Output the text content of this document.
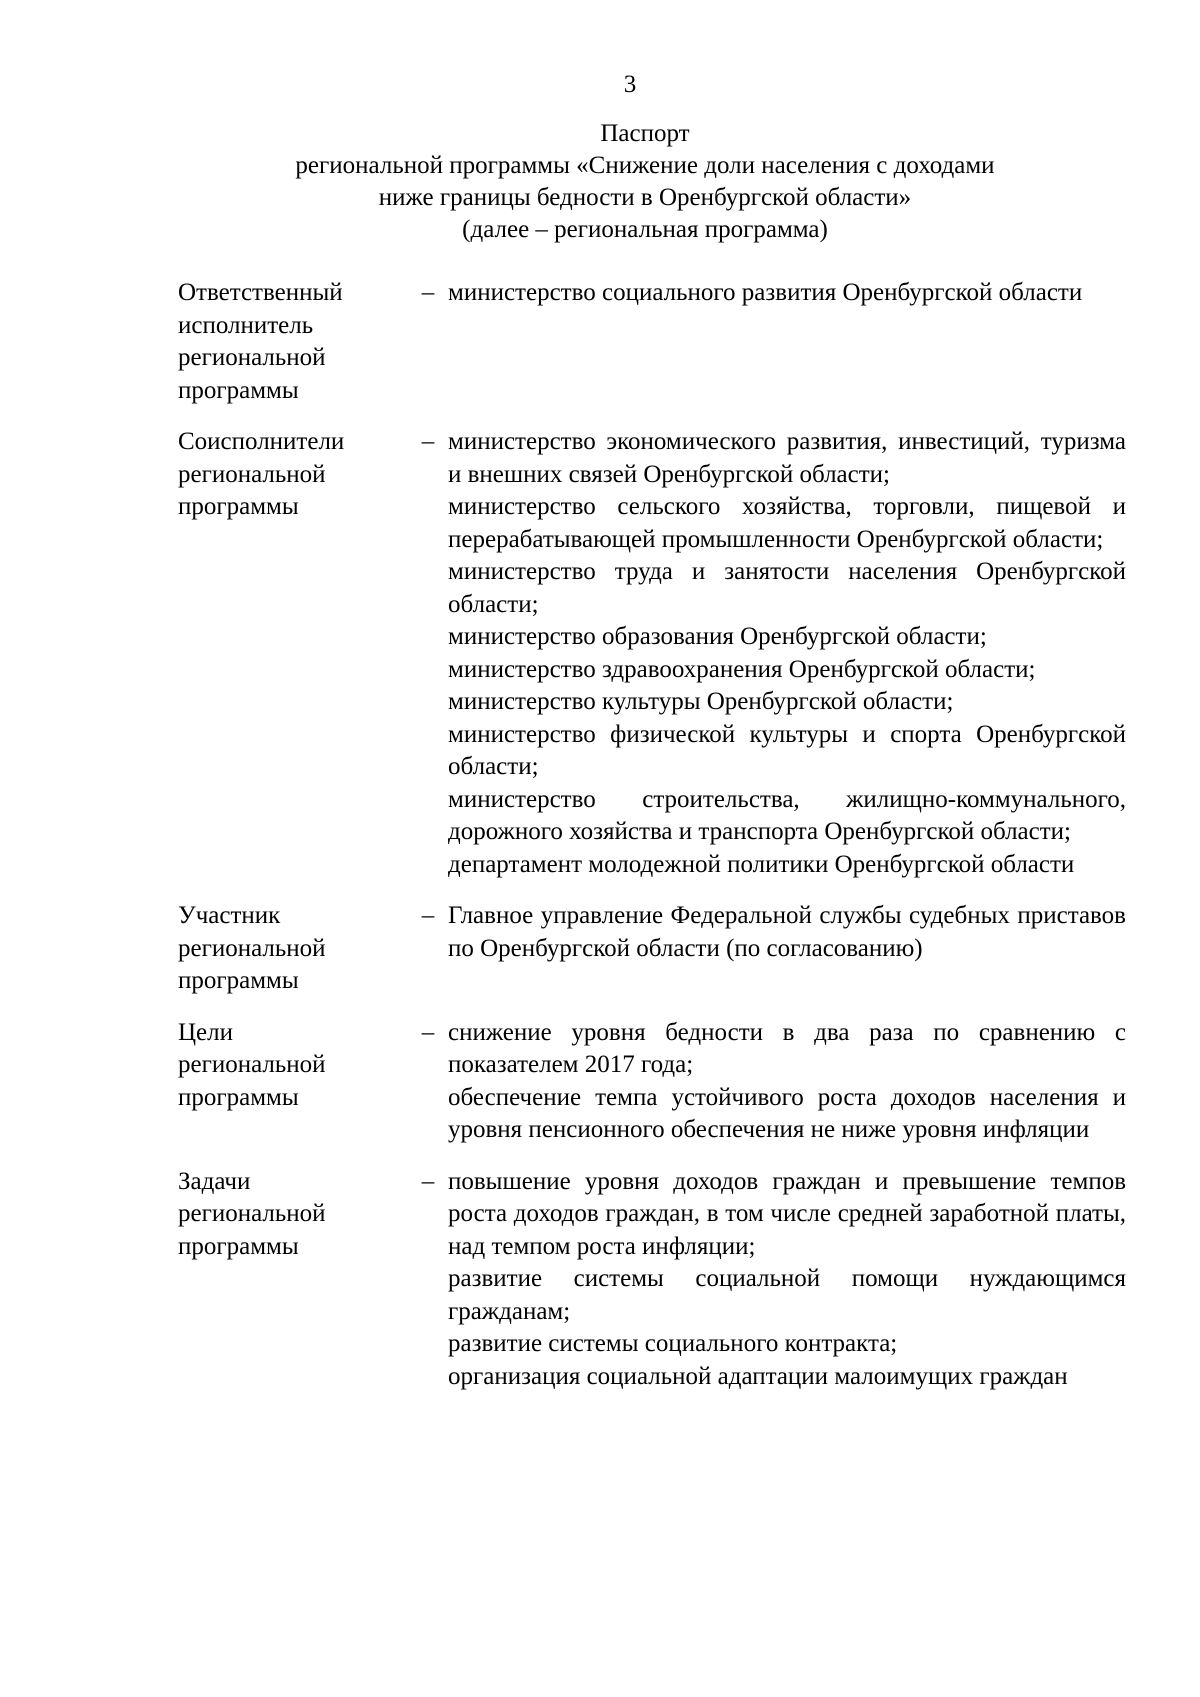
3
Паспорт
региональной программы «Снижение доли населения с доходами
ниже границы бедности в Оренбургской области»
(далее – региональная программа)
Ответственный
исполнитель
региональной
программы
– министерство социального развития Оренбургской области

Соисполнители
региональной
программы
– министерство экономического развития, инвестиций, туризма и внешних связей Оренбургской области;

министерство сельского хозяйства, торговли, пищевой и перерабатывающей промышленности Оренбургской области;

министерство труда и занятости населения Оренбургской области;

министерство образования Оренбургской области;

министерство здравоохранения Оренбургской области;

министерство культуры Оренбургской области;

министерство физической культуры и спорта Оренбургской области;

министерство строительства, жилищно-коммунального, дорожного хозяйства и транспорта Оренбургской области;

департамент молодежной политики Оренбургской области

Участник
региональной
программы
– Главное управление Федеральной службы судебных приставов по Оренбургской области (по согласованию)

Цели
региональной
программы
– снижение уровня бедности в два раза по сравнению с показателем 2017 года;

обеспечение темпа устойчивого роста доходов населения и уровня пенсионного обеспечения не ниже уровня инфляции

Задачи
региональной
программы
– повышение уровня доходов граждан и превышение темпов роста доходов граждан, в том числе средней заработной платы, над темпом роста инфляции;

развитие системы социальной помощи нуждающимся гражданам;

развитие системы социального контракта;

организация социальной адаптации малоимущих граждан
